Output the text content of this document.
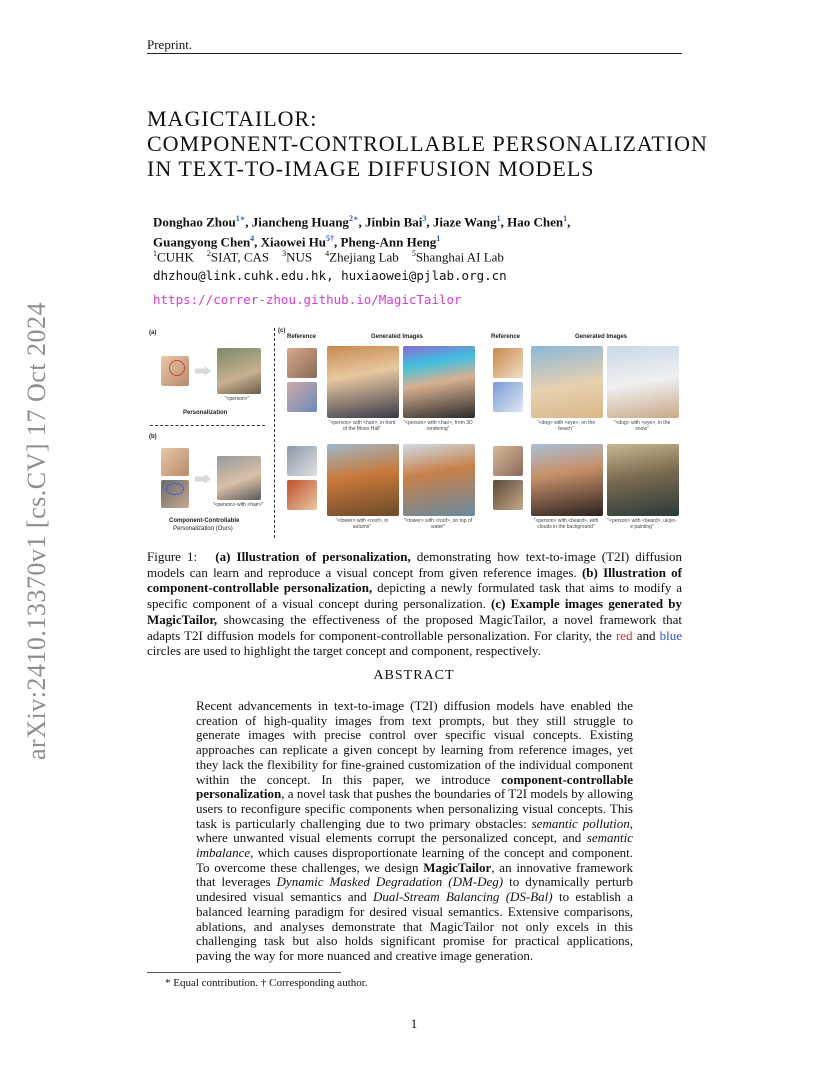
Preprint.
arXiv:2410.13370v1 [cs.CV] 17 Oct 2024
MAGICTAILOR:
COMPONENT-CONTROLLABLE PERSONALIZATION
IN TEXT-TO-IMAGE DIFFUSION MODELS
Donghao Zhou$^{1∗}$, Jiancheng Huang$^{2∗}$, Jinbin Bai$^3$, Jiaze Wang$^1$, Hao Chen$^1$, Guangyong Chen$^4$, Xiaowei $Hu^{5\dagger}$, Pheng-Ann Heng$^1$
$^1$CUHK $^2$SIAT, CAS $^3$NUS $^4$Zhejiang Lab $^5$Shanghai AI Lab
dhzhou@link.cuhk.edu.hk, huxiaowei@pjlab.org.cn
https://correr-zhou.github.io/MagicTailor
(a)
(b)
(c)
"<person>"
Personalization
"<person> with <hair>"
Component-Controllable
Personalization (Ours)
Reference	Generated Images	Reference	Generated Images
"<person> with <hair>, in front of the Moon Hall"
"<person> with <hair>, from 3D rendering"
"<dog> with <eye>, on the beach"
"<dog> with <eye>, in the snow"
"<tower> with <roof>, in autumn"
"<tower> with <roof>, on top of water"
"<person> with <beard>, with clouds in the background"
"<person> with <beard>, ukiyo-e painting"
Figure 1: (a) Illustration of personalization, demonstrating how text-to-image (T2I) diffusion models can learn and reproduce a visual concept from given reference images. (b) Illustration of component-controllable personalization, depicting a newly formulated task that aims to modify a specific component of a visual concept during personalization. (c) Example images generated by MagicTailor, showcasing the effectiveness of the proposed MagicTailor, a novel framework that adapts T2I diffusion models for component-controllable personalization. For clarity, the red and blue circles are used to highlight the target concept and component, respectively.
ABSTRACT
Recent advancements in text-to-image (T2I) diffusion models have enabled the creation of high-quality images from text prompts, but they still struggle to generate images with precise control over specific visual concepts. Existing approaches can replicate a given concept by learning from reference images, yet they lack the flexibility for fine-grained customization of the individual component within the concept. In this paper, we introduce component-controllable personalization, a novel task that pushes the boundaries of T2I models by allowing users to reconfigure specific components when personalizing visual concepts. This task is particularly challenging due to two primary obstacles: semantic pollution, where unwanted visual elements corrupt the personalized concept, and semantic imbalance, which causes disproportionate learning of the concept and component. To overcome these challenges, we design MagicTailor, an innovative framework that leverages Dynamic Masked Degradation (DM-Deg) to dynamically perturb undesired visual semantics and Dual-Stream Balancing (DS-Bal) to establish a balanced learning paradigm for desired visual semantics. Extensive comparisons, ablations, and analyses demonstrate that MagicTailor not only excels in this challenging task but also holds significant promise for practical applications, paving the way for more nuanced and creative image generation.
* Equal contribution. † Corresponding author.
1
